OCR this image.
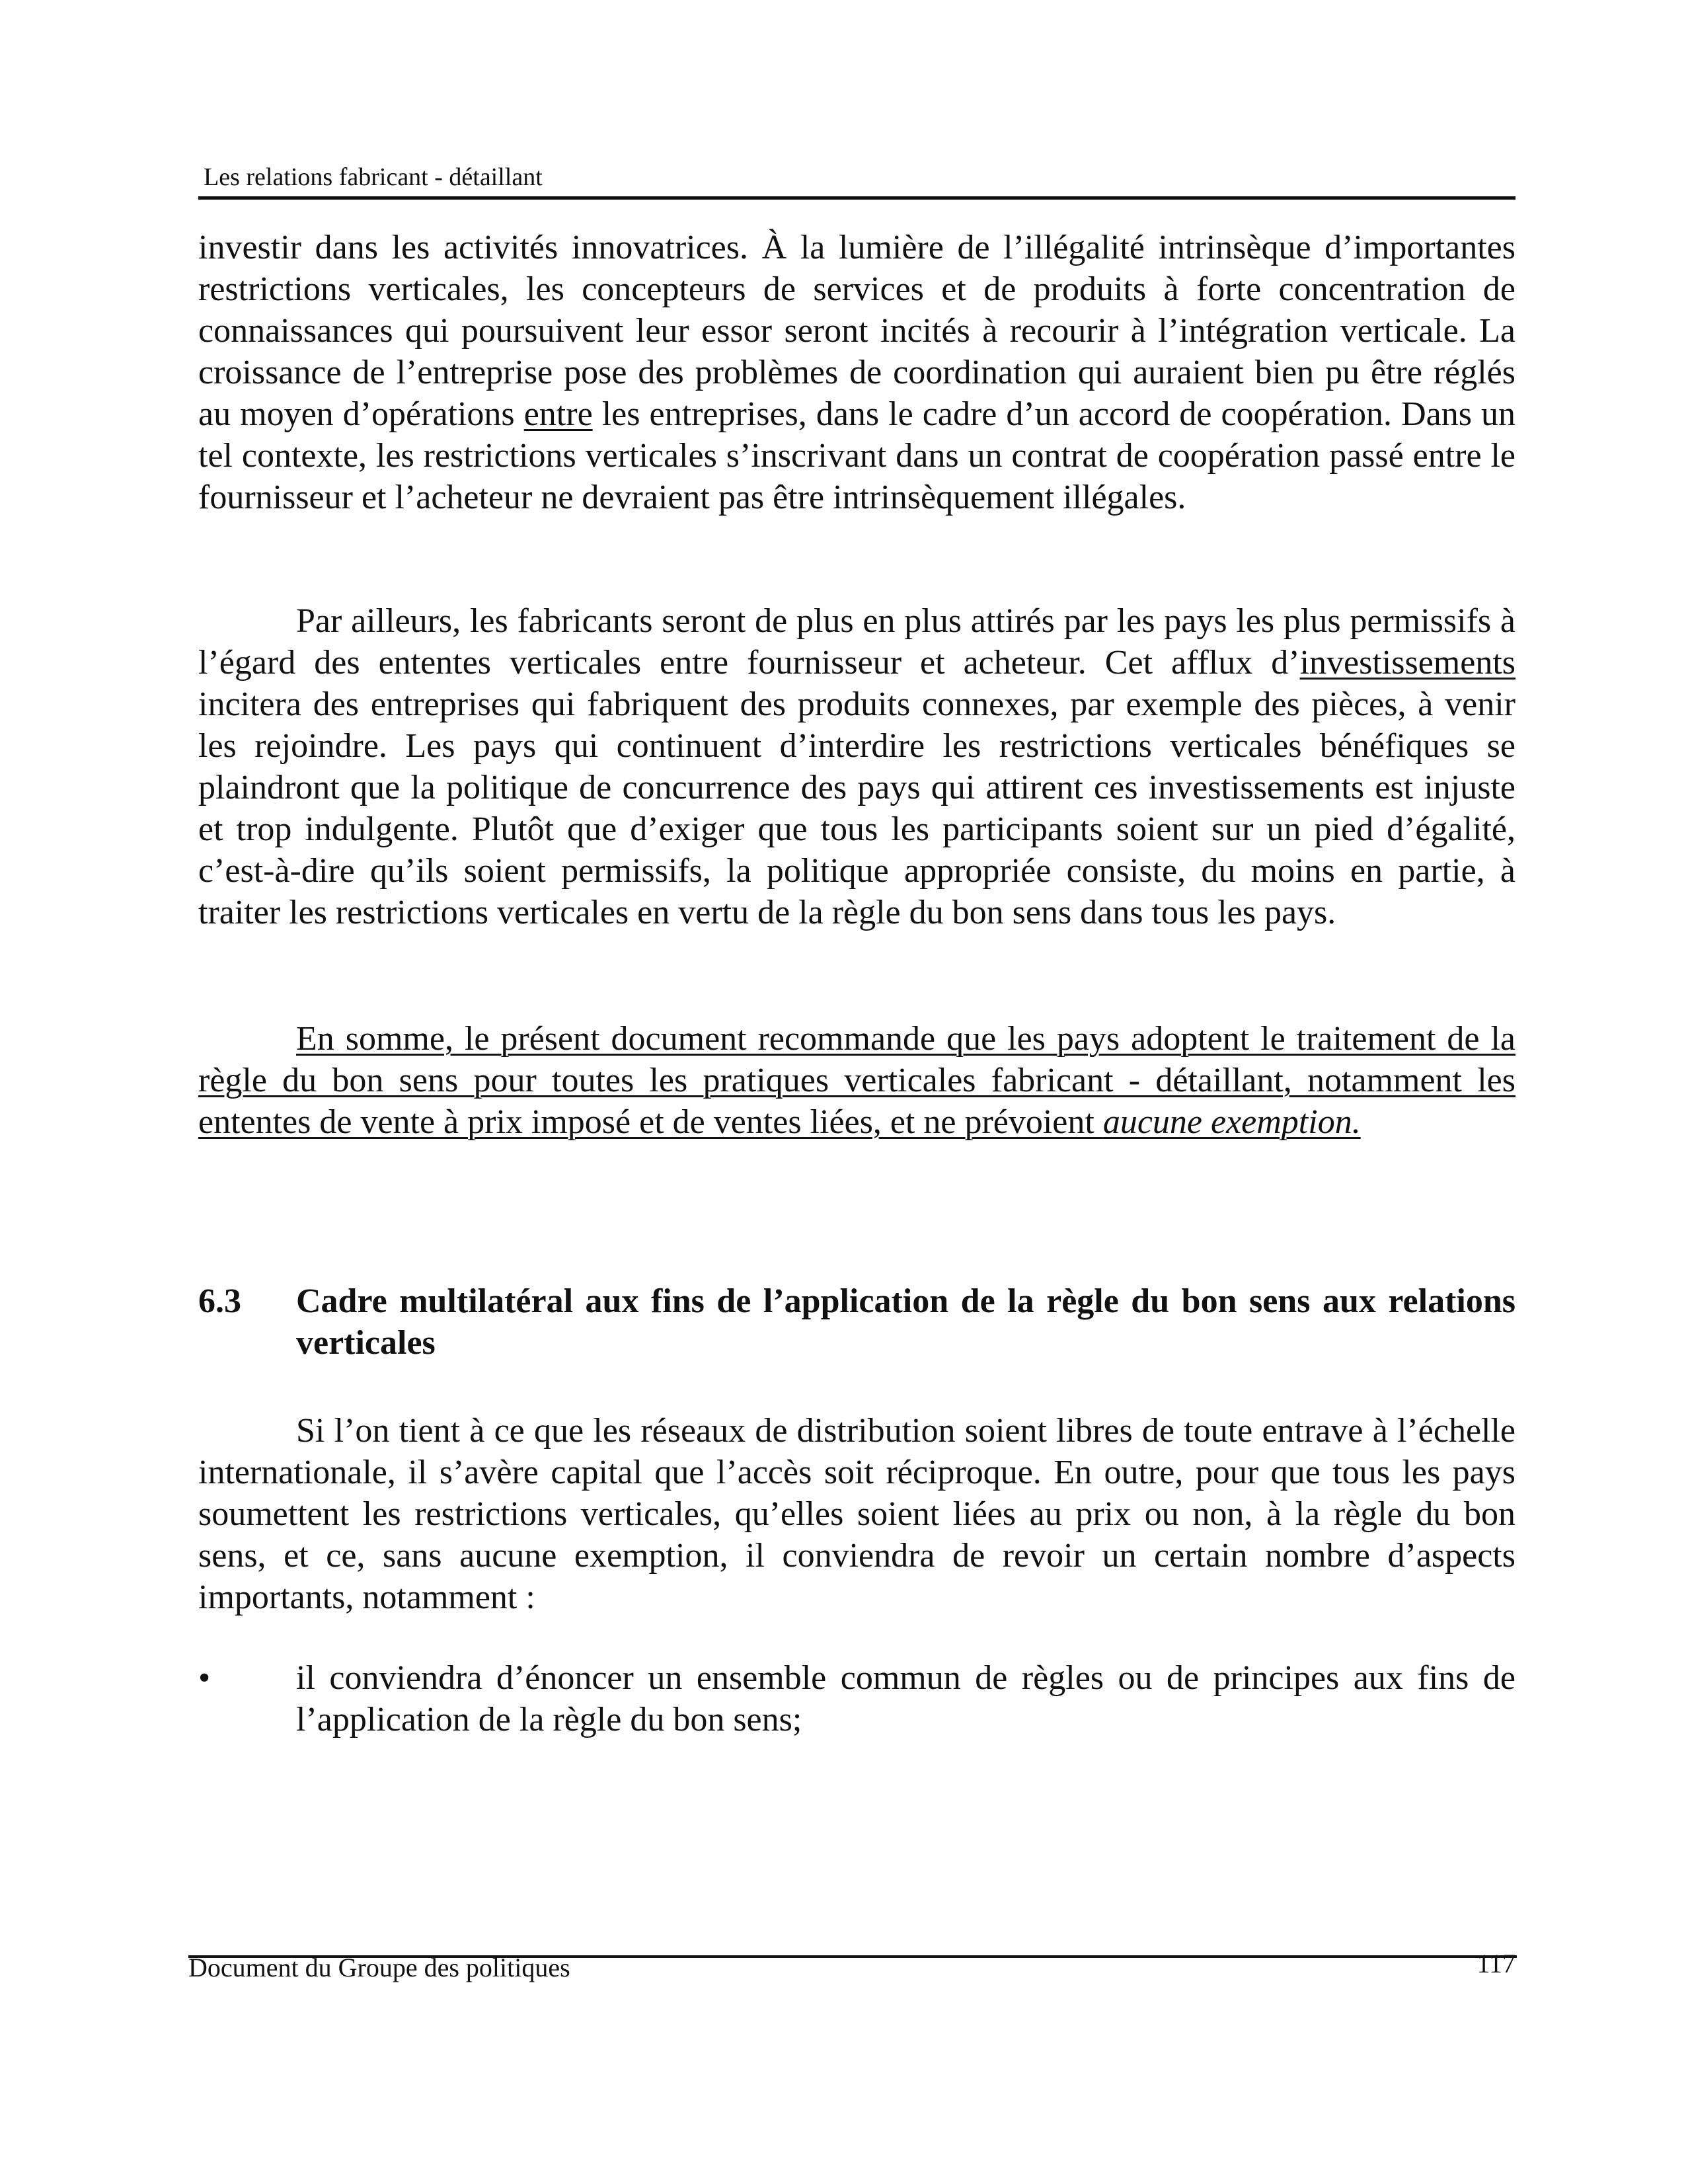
Les relations fabricant - détaillant

investir dans les activités innovatrices. À la lumière de l’illégalité intrinsèque d’importantes restrictions verticales, les concepteurs de services et de produits à forte concentration de connaissances qui poursuivent leur essor seront incités à recourir à l’intégration verticale. La croissance de l’entreprise pose des problèmes de coordination qui auraient bien pu être réglés au moyen d’opérations entre les entreprises, dans le cadre d’un accord de coopération. Dans un tel contexte, les restrictions verticales s’inscrivant dans un contrat de coopération passé entre le fournisseur et l’acheteur ne devraient pas être intrinsèquement illégales.

Par ailleurs, les fabricants seront de plus en plus attirés par les pays les plus permissifs à l’égard des ententes verticales entre fournisseur et acheteur. Cet afflux d’investissements incitera des entreprises qui fabriquent des produits connexes, par exemple des pièces, à venir les rejoindre. Les pays qui continuent d’interdire les restrictions verticales bénéfiques se plaindront que la politique de concurrence des pays qui attirent ces investissements est injuste et trop indulgente. Plutôt que d’exiger que tous les participants soient sur un pied d’égalité, c’est-à-dire qu’ils soient permissifs, la politique appropriée consiste, du moins en partie, à traiter les restrictions verticales en vertu de la règle du bon sens dans tous les pays.

En somme, le présent document recommande que les pays adoptent le traitement de la règle du bon sens pour toutes les pratiques verticales fabricant - détaillant, notamment les ententes de vente à prix imposé et de ventes liées, et ne prévoient aucune exemption.

6.3 Cadre multilatéral aux fins de l’application de la règle du bon sens aux relations verticales

Si l’on tient à ce que les réseaux de distribution soient libres de toute entrave à l’échelle internationale, il s’avère capital que l’accès soit réciproque. En outre, pour que tous les pays soumettent les restrictions verticales, qu’elles soient liées au prix ou non, à la règle du bon sens, et ce, sans aucune exemption, il conviendra de revoir un certain nombre d’aspects importants, notamment :

• il conviendra d’énoncer un ensemble commun de règles ou de principes aux fins de l’application de la règle du bon sens;
Document du Groupe des politiques	117
